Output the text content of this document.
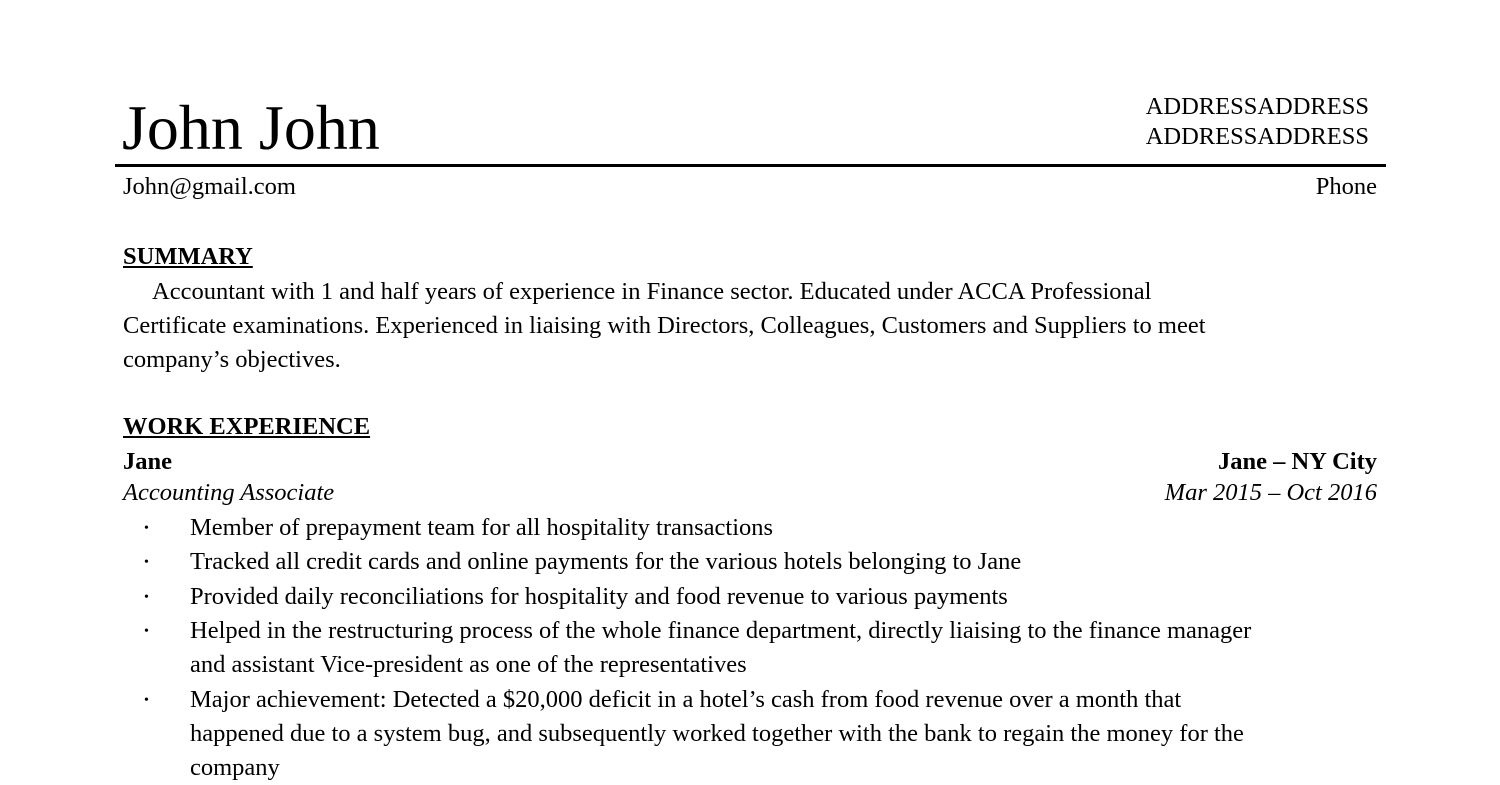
John John	ADDRESSADDRESS
ADDRESSADDRESS
John@gmail.com	Phone
SUMMARY
Accountant with 1 and half years of experience in Finance sector. Educated under ACCA Professional
Certificate examinations. Experienced in liaising with Directors, Colleagues, Customers and Suppliers to meet
company’s objectives.
WORK EXPERIENCE
Jane	Jane – NY City
Accounting Associate	Mar 2015 – Oct 2016
• Member of prepayment team for all hospitality transactions
• Tracked all credit cards and online payments for the various hotels belonging to Jane
• Provided daily reconciliations for hospitality and food revenue to various payments
• Helped in the restructuring process of the whole finance department, directly liaising to the finance manager
and assistant Vice-president as one of the representatives
• Major achievement: Detected a $20,000 deficit in a hotel’s cash from food revenue over a month that
happened due to a system bug, and subsequently worked together with the bank to regain the money for the
company
